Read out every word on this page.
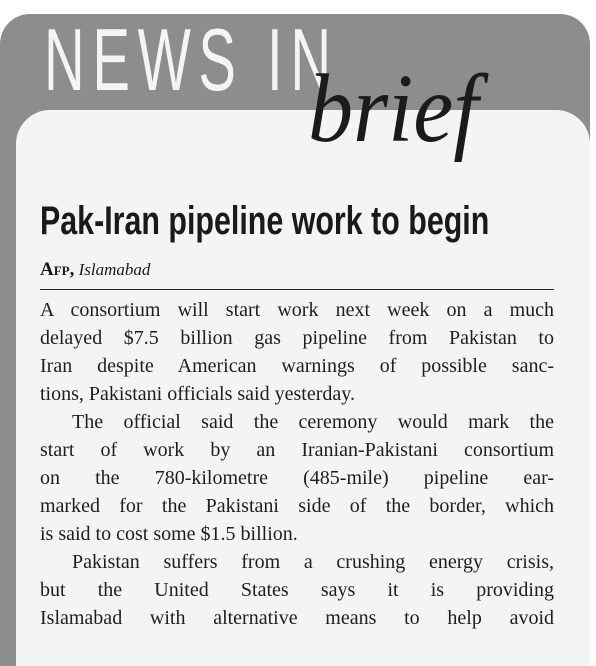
NEWS IN
brief
Pak-Iran pipeline work to begin

Afp, Islamabad

A consortium will start work next week on a much
delayed $7.5 billion gas pipeline from Pakistan to
Iran despite American warnings of possible sanc-
tions, Pakistani officials said yesterday.
The official said the ceremony would mark the
start of work by an Iranian-Pakistani consortium
on the 780-kilometre (485-mile) pipeline ear-
marked for the Pakistani side of the border, which
is said to cost some $1.5 billion.
Pakistan suffers from a crushing energy crisis,
but the United States says it is providing
Islamabad with alternative means to help avoid
